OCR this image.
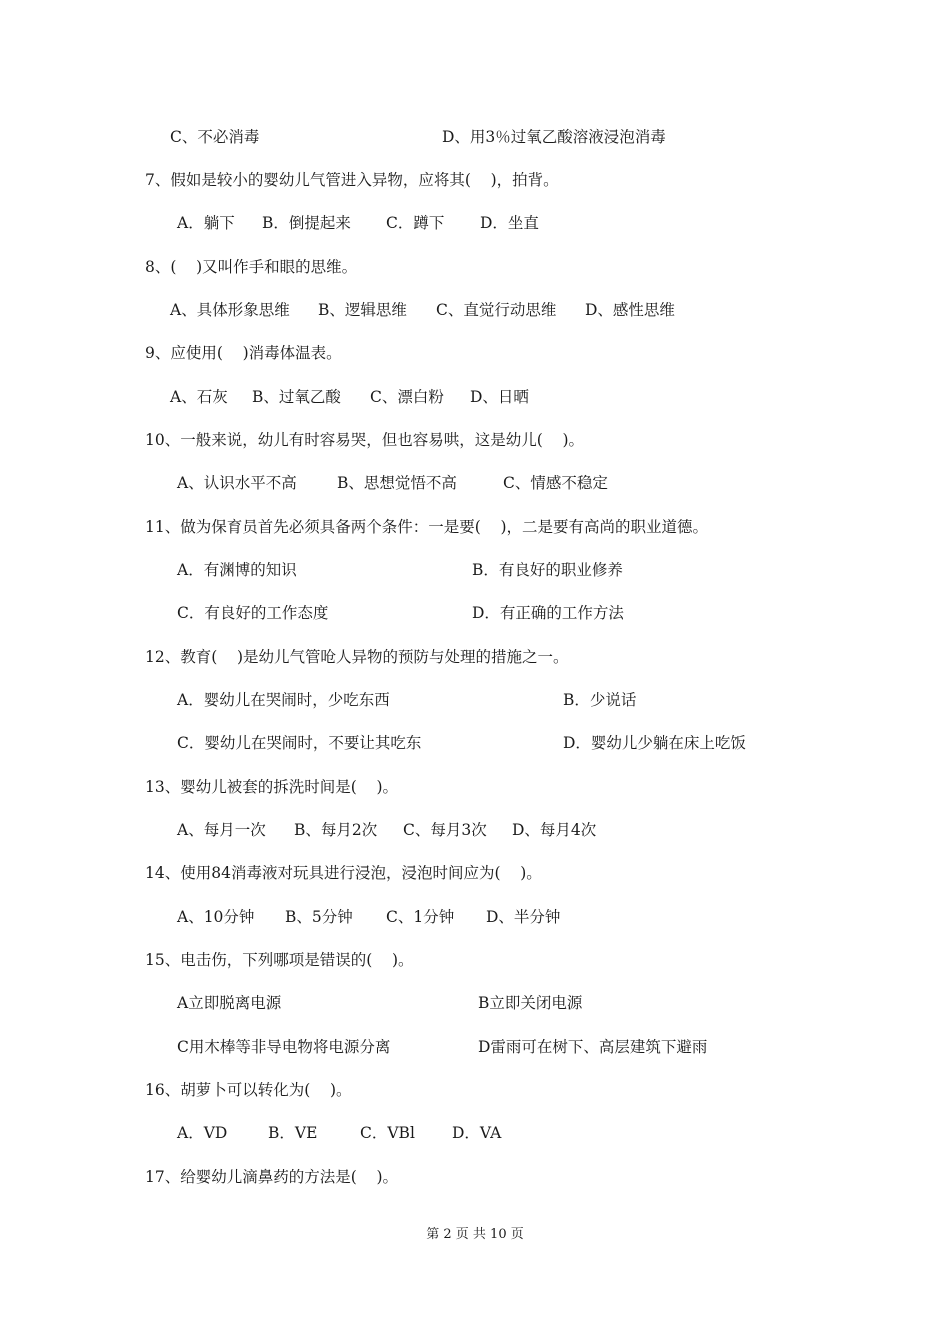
C、不必消毒	D、用3％过氧乙酸溶液浸泡消毒
7、假如是较小的婴幼儿气管进入异物，应将其(    )，拍背。
A．躺下 B．倒提起来 C．蹲下 D．坐直
8、(    )又叫作手和眼的思维。
A、具体形象思维 B、逻辑思维 C、直觉行动思维 D、感性思维
9、应使用(    )消毒体温表。
A、石灰 B、过氧乙酸 C、漂白粉 D、日晒
10、一般来说，幼儿有时容易哭，但也容易哄，这是幼儿(    )。
A、认识水平不高	B、思想觉悟不高	C、情感不稳定
11、做为保育员首先必须具备两个条件：一是要(    )，二是要有高尚的职业道德。
A．有渊博的知识	B．有良好的职业修养
C．有良好的工作态度	D．有正确的工作方法
12、教育(    )是幼儿气管呛人异物的预防与处理的措施之一。
A．婴幼儿在哭闹时，少吃东西	B．少说话
C．婴幼儿在哭闹时，不要让其吃东	D．婴幼儿少躺在床上吃饭
13、婴幼儿被套的拆洗时间是(    )。
A、每月一次 B、每月2次 C、每月3次 D、每月4次
14、使用84消毒液对玩具进行浸泡，浸泡时间应为(    )。
A、10分钟 B、5分钟 C、1分钟 D、半分钟
15、电击伤，下列哪项是错误的(    )。
A立即脱离电源	B立即关闭电源
C用木棒等非导电物将电源分离	D雷雨可在树下、高层建筑下避雨
16、胡萝卜可以转化为(    )。
A．VD	B．VE	C．VBl D．VA
17、给婴幼儿滴鼻药的方法是(    )。
第 2 页 共 10 页
